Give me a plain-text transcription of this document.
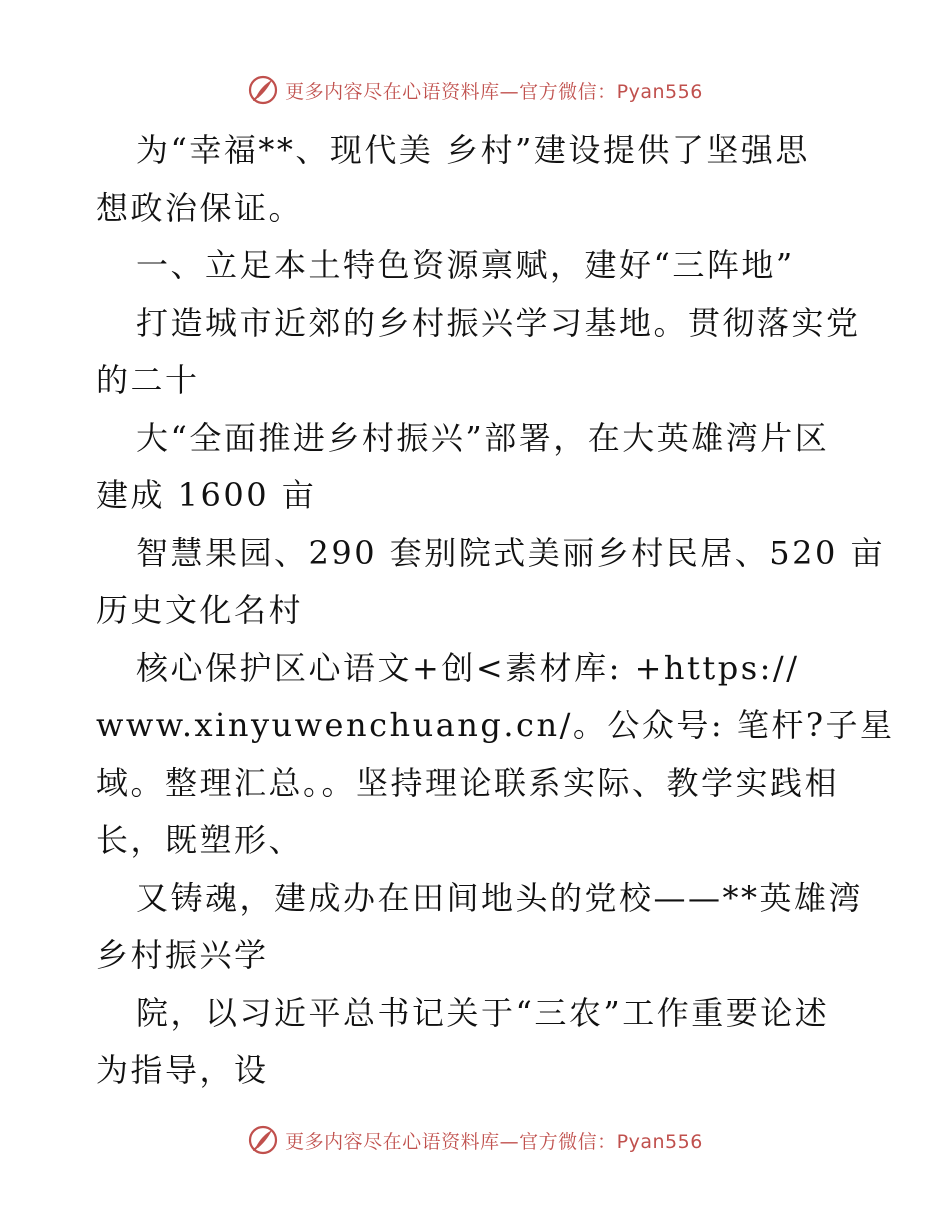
更多内容尽在心语资料库—官方微信：Pyan556
为“幸福**、现代美 乡村”建设提供了坚强思
想政治保证。
一、立足本土特色资源禀赋，建好“三阵地”
打造城市近郊的乡村振兴学习基地。贯彻落实党
的二十
大“全面推进乡村振兴”部署，在大英雄湾片区
建成 1600 亩
智慧果园、290 套别院式美丽乡村民居、520 亩
历史文化名村
核心保护区心语文+创<素材库: +https://
www.xinyuwenchuang.cn/。公众号: 笔杆?子星
域。整理汇总。。坚持理论联系实际、教学实践相
长，既塑形、
又铸魂，建成办在田间地头的党校——**英雄湾
乡村振兴学
院，以习近平总书记关于“三农”工作重要论述
为指导，设
更多内容尽在心语资料库—官方微信：Pyan556
